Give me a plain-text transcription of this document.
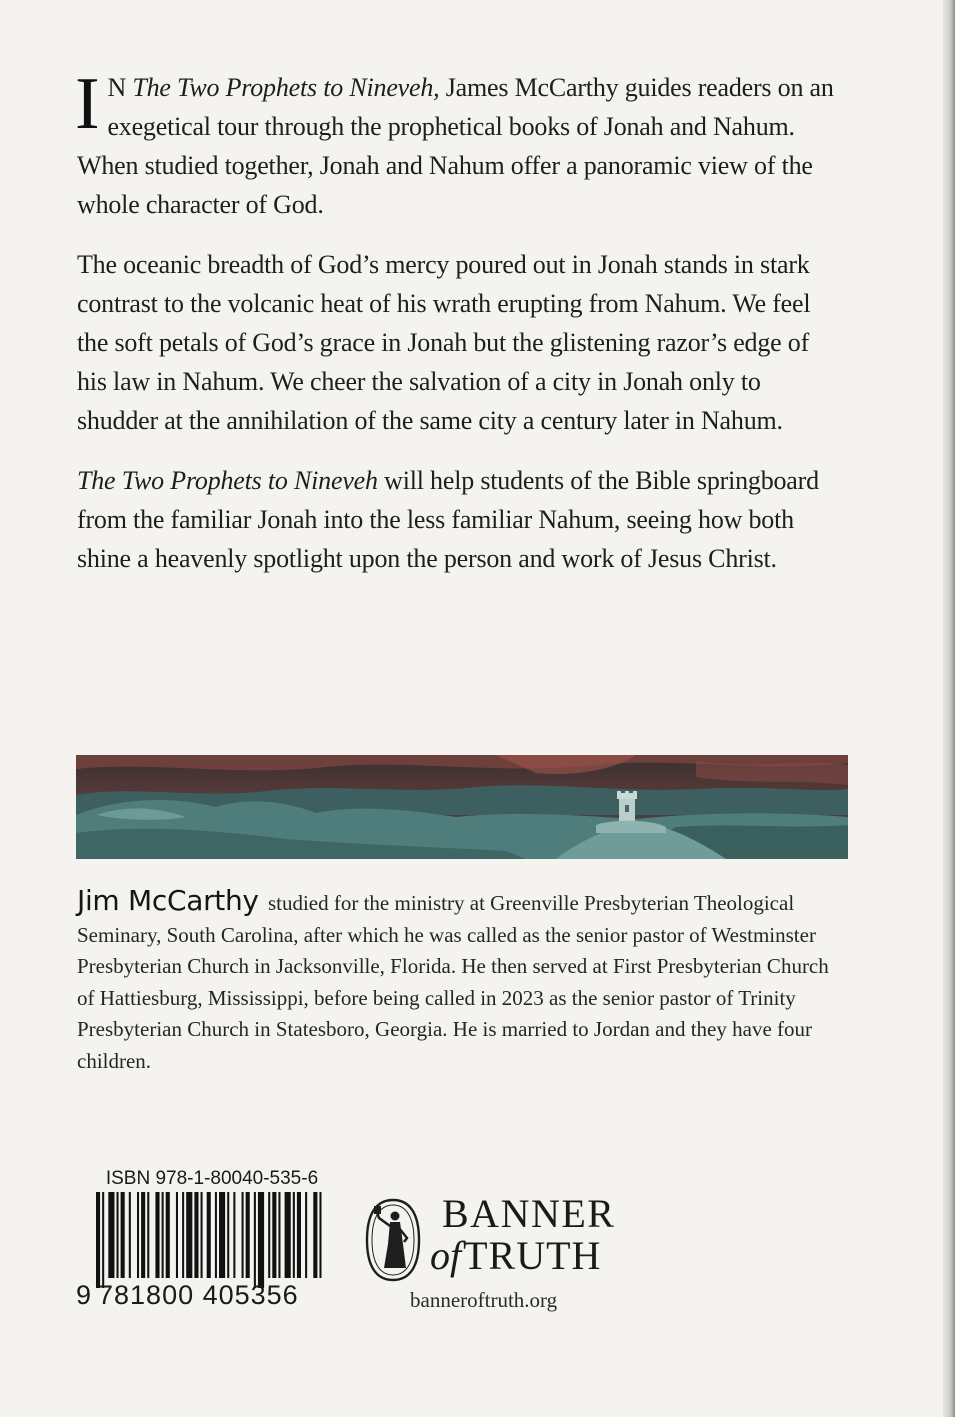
I N The Two Prophets to Nineveh, James McCarthy guides readers on an exegetical tour through the prophetical books of Jonah and Nahum. When studied together, Jonah and Nahum offer a panoramic view of the whole character of God.

The oceanic breadth of God’s mercy poured out in Jonah stands in stark contrast to the volcanic heat of his wrath erupting from Nahum. We feel the soft petals of God’s grace in Jonah but the glistening razor’s edge of his law in Nahum. We cheer the salvation of a city in Jonah only to shudder at the annihilation of the same city a century later in Nahum.

The Two Prophets to Nineveh will help students of the Bible springboard from the familiar Jonah into the less familiar Nahum, seeing how both shine a heavenly spotlight upon the person and work of Jesus Christ.

Jim McCarthy studied for the ministry at Greenville Presbyterian Theological Seminary, South Carolina, after which he was called as the senior pastor of Westminster Presbyterian Church in Jacksonville, Florida. He then served at First Presbyterian Church of Hattiesburg, Mississippi, before being called in 2023 as the senior pastor of Trinity Presbyterian Church in Statesboro, Georgia. He is married to Jordan and they have four children.
ISBN 978-1-80040-535-6
9 781800 405356
BANNER
ofTRUTH
banneroftruth.org
